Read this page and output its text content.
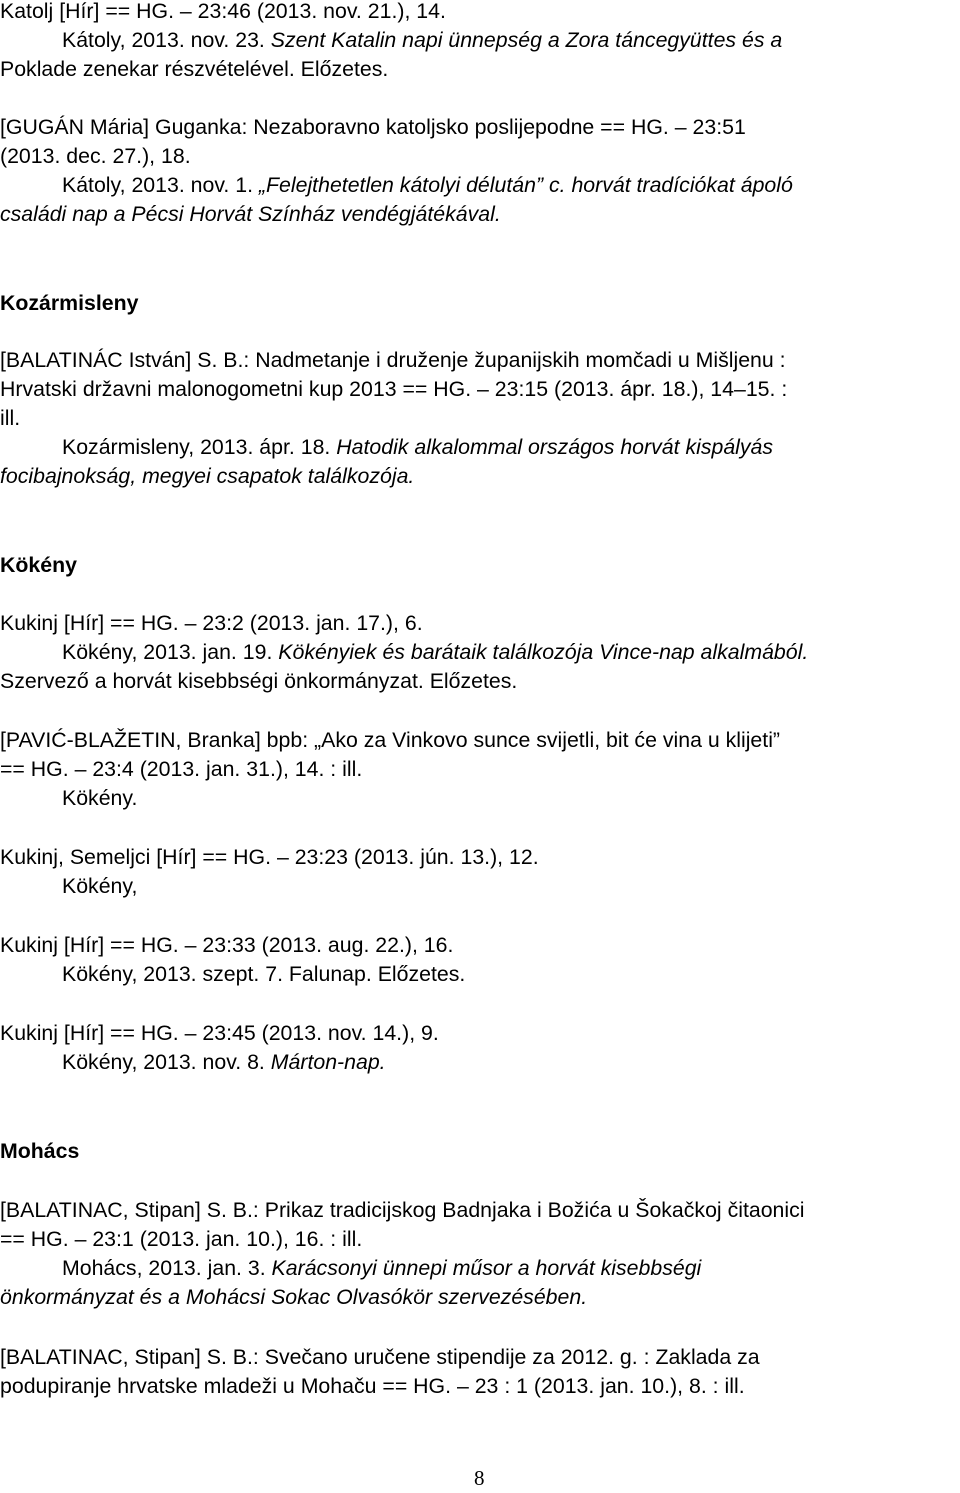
Katolj [Hír] == HG. – 23:46 (2013. nov. 21.), 14.
Kátoly, 2013. nov. 23. Szent Katalin napi ünnepség a Zora táncegyüttes és a
Poklade zenekar részvételével. Előzetes.
[GUGÁN Mária] Guganka: Nezaboravno katoljsko poslijepodne == HG. – 23:51
(2013. dec. 27.), 18.
Kátoly, 2013. nov. 1. „Felejthetetlen kátolyi délután” c. horvát tradíciókat ápoló
családi nap a Pécsi Horvát Színház vendégjátékával.
Kozármisleny
[BALATINÁC István] S. B.: Nadmetanje i druženje županijskih momčadi u Mišljenu :
Hrvatski državni malonogometni kup 2013 == HG. – 23:15 (2013. ápr. 18.), 14–15. :
ill.
Kozármisleny, 2013. ápr. 18. Hatodik alkalommal országos horvát kispályás
focibajnokság, megyei csapatok találkozója.
Kökény
Kukinj [Hír] == HG. – 23:2 (2013. jan. 17.), 6.
Kökény, 2013. jan. 19. Kökényiek és barátaik találkozója Vince-nap alkalmából.
Szervező a horvát kisebbségi önkormányzat. Előzetes.
[PAVIĆ-BLAŽETIN, Branka] bpb: „Ako za Vinkovo sunce svijetli, bit će vina u klijeti”
== HG. – 23:4 (2013. jan. 31.), 14. : ill.
Kökény.
Kukinj, Semeljci [Hír] == HG. – 23:23 (2013. jún. 13.), 12.
Kökény,
Kukinj [Hír] == HG. – 23:33 (2013. aug. 22.), 16.
Kökény, 2013. szept. 7. Falunap. Előzetes.
Kukinj [Hír] == HG. – 23:45 (2013. nov. 14.), 9.
Kökény, 2013. nov. 8. Márton-nap.
Mohács
[BALATINAC, Stipan] S. B.: Prikaz tradicijskog Badnjaka i Božića u Šokačkoj čitaonici
== HG. – 23:1 (2013. jan. 10.), 16. : ill.
Mohács, 2013. jan. 3. Karácsonyi ünnepi műsor a horvát kisebbségi
önkormányzat és a Mohácsi Sokac Olvasókör szervezésében.
[BALATINAC, Stipan] S. B.: Svečano uručene stipendije za 2012. g. : Zaklada za
podupiranje hrvatske mladeži u Mohaču == HG. – 23 : 1 (2013. jan. 10.), 8. : ill.
8
